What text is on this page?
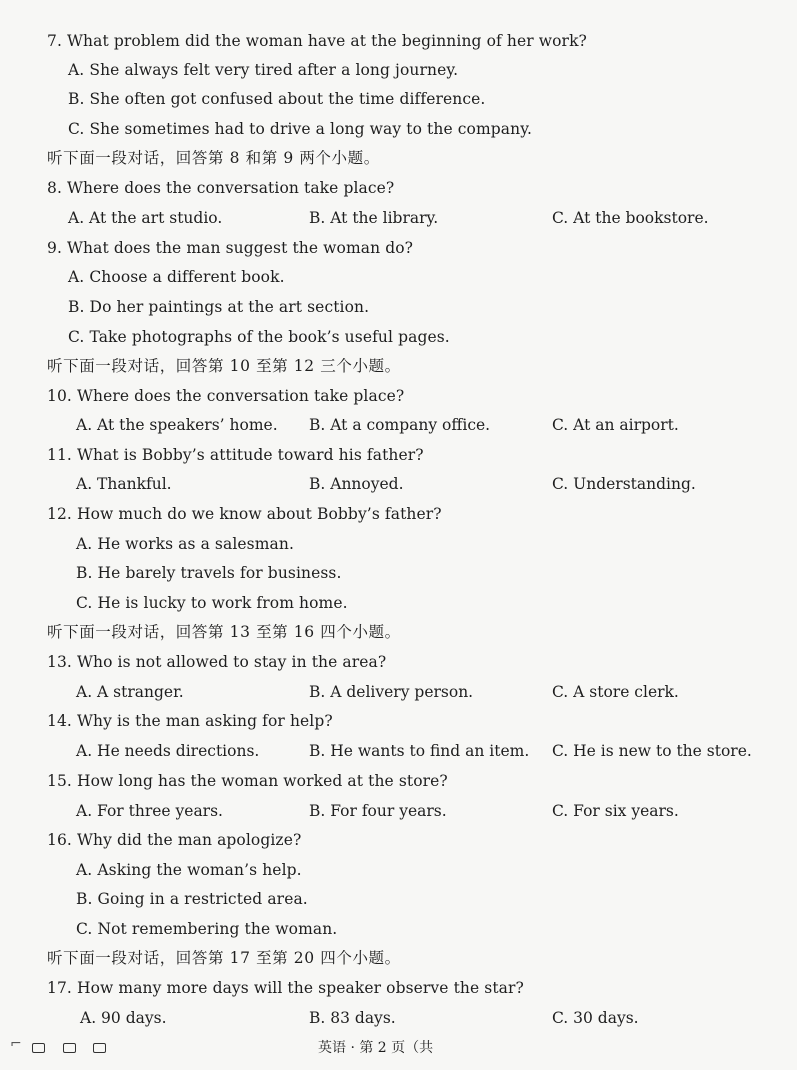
7. What problem did the woman have at the beginning of her work?
A. She always felt very tired after a long journey.
B. She often got confused about the time difference.
C. She sometimes had to drive a long way to the company.
听下面一段对话，回答第 8 和第 9 两个小题。
8. Where does the conversation take place?
A. At the art studio.	B. At the library.	C. At the bookstore.
9. What does the man suggest the woman do?
A. Choose a different book.
B. Do her paintings at the art section.
C. Take photographs of the book’s useful pages.
听下面一段对话，回答第 10 至第 12 三个小题。
10. Where does the conversation take place?
A. At the speakers’ home. B. At a company office.	C. At an airport.
11. What is Bobby’s attitude toward his father?
A. Thankful.	B. Annoyed.	C. Understanding.
12. How much do we know about Bobby’s father?
A. He works as a salesman.
B. He barely travels for business.
C. He is lucky to work from home.
听下面一段对话，回答第 13 至第 16 四个小题。
13. Who is not allowed to stay in the area?
A. A stranger.	B. A delivery person.	C. A store clerk.
14. Why is the man asking for help?
A. He needs directions.	B. He wants to find an item. C. He is new to the store.
15. How long has the woman worked at the store?
A. For three years.	B. For four years.	C. For six years.
16. Why did the man apologize?
A. Asking the woman’s help.
B. Going in a restricted area.
C. Not remembering the woman.
听下面一段对话，回答第 17 至第 20 四个小题。
17. How many more days will the speaker observe the star?
A. 90 days.	B. 83 days.	C. 30 days.
⌐	英语 · 第 2 页（共
